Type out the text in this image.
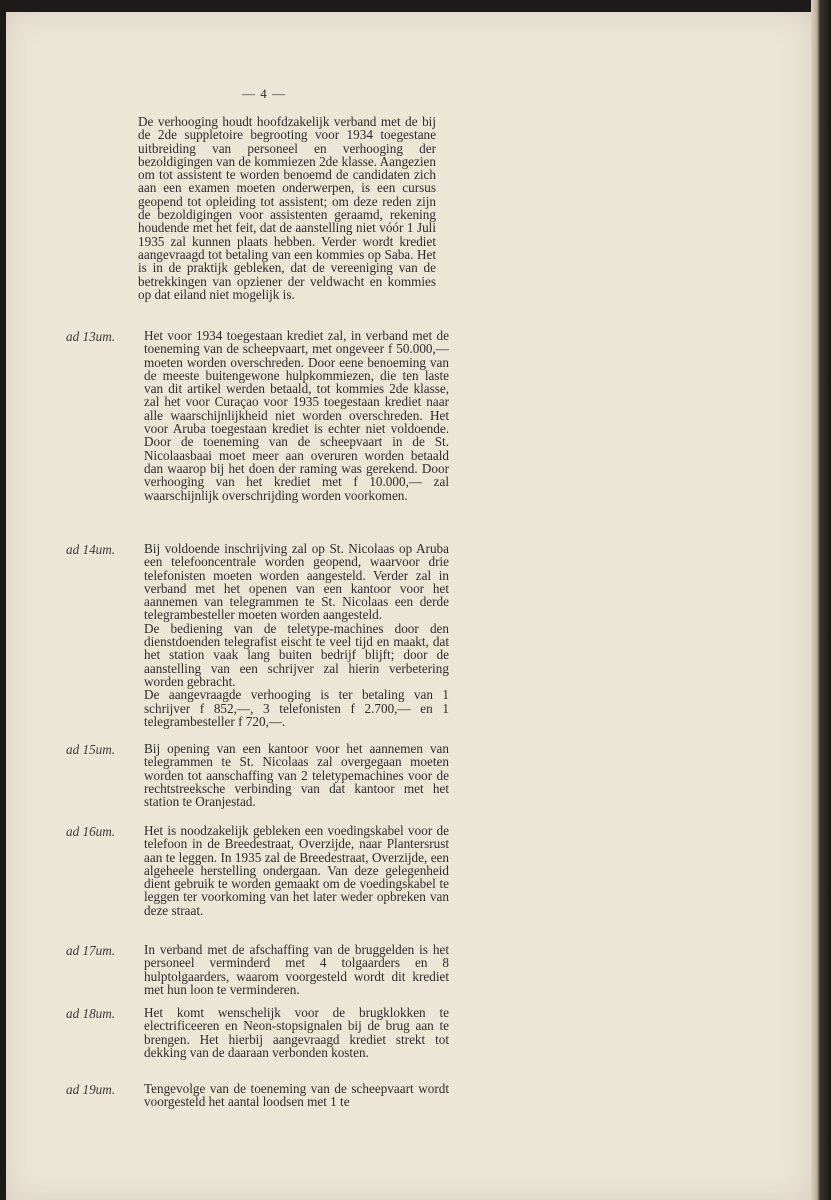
— 4 —

De verhooging houdt hoofdzakelijk verband met de bij de 2de suppletoire begrooting voor 1934 toegestane uitbreiding van personeel en verhooging der bezoldigingen van de kommiezen 2de klasse. Aangezien om tot assistent te worden benoemd de candidaten zich aan een examen moeten onderwerpen, is een cursus geopend tot opleiding tot assistent; om deze reden zijn de bezoldigingen voor assistenten geraamd, rekening houdende met het feit, dat de aanstelling niet vóór 1 Juli 1935 zal kunnen plaats hebben. Verder wordt krediet aangevraagd tot betaling van een kommies op Saba. Het is in de praktijk gebleken, dat de vereeniging van de betrekkingen van opziener der veldwacht en kommies op dat eiland niet mogelijk is.

ad 13um.	Het voor 1934 toegestaan krediet zal, in verband met de toeneming van de scheepvaart, met ongeveer f 50.000,— moeten worden overschreden. Door eene benoeming van de meeste buitengewone hulpkommiezen, die ten laste van dit artikel werden betaald, tot kommies 2de klasse, zal het voor Curaçao voor 1935 toegestaan krediet naar alle waarschijnlijkheid niet worden overschreden. Het voor Aruba toegestaan krediet is echter niet voldoende. Door de toeneming van de scheepvaart in de St. Nicolaasbaai moet meer aan overuren worden betaald dan waarop bij het doen der raming was gerekend. Door verhooging van het krediet met f 10.000,— zal waarschijnlijk overschrijding worden voorkomen.

ad 14um.	Bij voldoende inschrijving zal op St. Nicolaas op Aruba een telefooncentrale worden geopend, waarvoor drie telefonisten moeten worden aangesteld. Verder zal in verband met het openen van een kantoor voor het aannemen van telegrammen te St. Nicolaas een derde telegrambesteller moeten worden aangesteld.
De bediening van de teletype-machines door den dienstdoenden telegrafist eischt te veel tijd en maakt, dat het station vaak lang buiten bedrijf blijft; door de aanstelling van een schrijver zal hierin verbetering worden gebracht.
De aangevraagde verhooging is ter betaling van 1 schrijver f 852,—, 3 telefonisten f 2.700,— en 1 telegrambesteller f 720,—.

ad 15um.	Bij opening van een kantoor voor het aannemen van telegrammen te St. Nicolaas zal overgegaan moeten worden tot aanschaffing van 2 teletypemachines voor de rechtstreeksche verbinding van dat kantoor met het station te Oranjestad.

ad 16um.	Het is noodzakelijk gebleken een voedingskabel voor de telefoon in de Breedestraat, Overzijde, naar Plantersrust aan te leggen. In 1935 zal de Breedestraat, Overzijde, een algeheele herstelling ondergaan. Van deze gelegenheid dient gebruik te worden gemaakt om de voedingskabel te leggen ter voorkoming van het later weder opbreken van deze straat.

ad 17um.	In verband met de afschaffing van de bruggelden is het personeel verminderd met 4 tolgaarders en 8 hulptolgaarders, waarom voorgesteld wordt dit krediet met hun loon te verminderen.

ad 18um.	Het komt wenschelijk voor de brugklokken te electrificeeren en Neon-stopsignalen bij de brug aan te brengen. Het hierbij aangevraagd krediet strekt tot dekking van de daaraan verbonden kosten.

ad 19um.	Tengevolge van de toeneming van de scheepvaart wordt voorgesteld het aantal loodsen met 1 te
